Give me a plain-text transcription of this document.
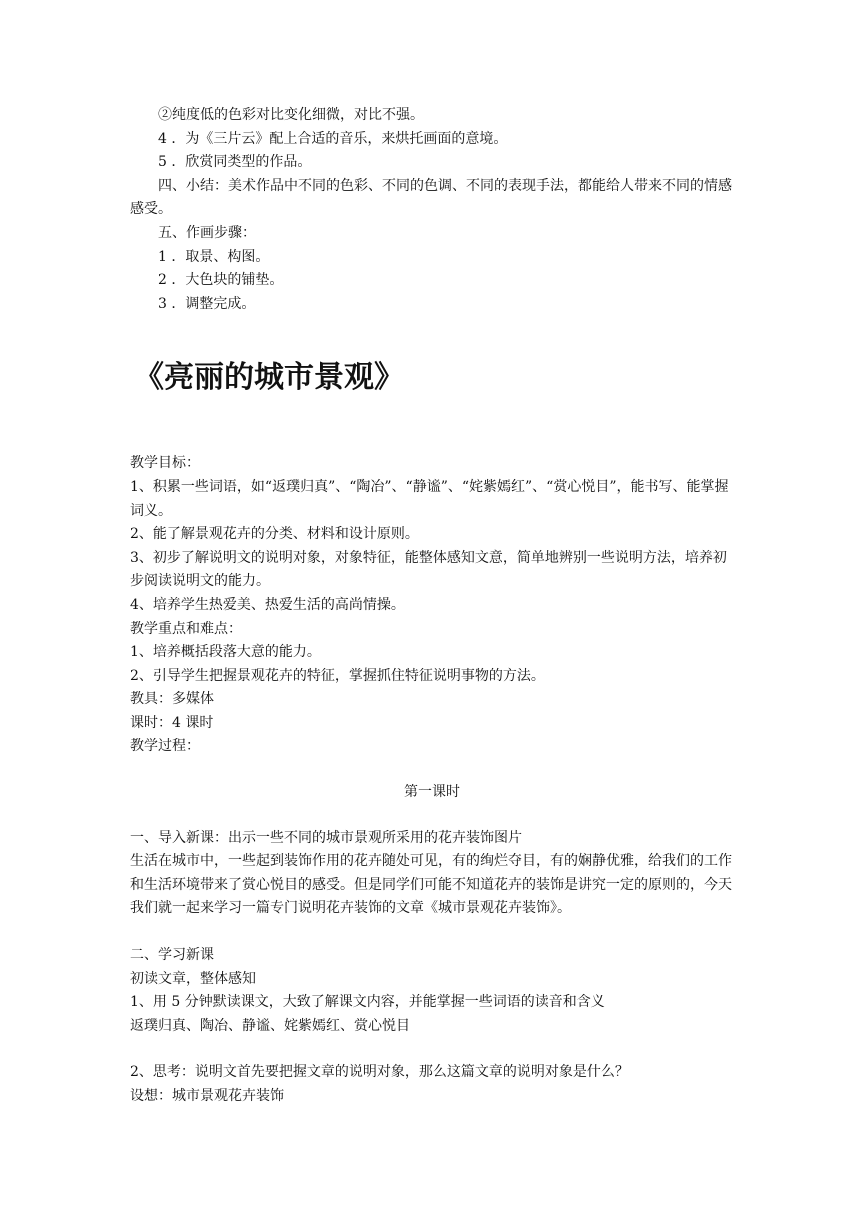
②纯度低的色彩对比变化细微，对比不强。

4 ．为《三片云》配上合适的音乐，来烘托画面的意境。

5 ．欣赏同类型的作品。

四、小结：美术作品中不同的色彩、不同的色调、不同的表现手法，都能给人带来不同的情感感受。

五、作画步骤：

1 ．取景、构图。

2 ．大色块的铺垫。

3 ．调整完成。

《亮丽的城市景观》

教学目标：

1、积累一些词语，如“返璞归真”、“陶冶”、“静谧”、“姹紫嫣红”、“赏心悦目”，能书写、能掌握词义。

2、能了解景观花卉的分类、材料和设计原则。

3、初步了解说明文的说明对象，对象特征，能整体感知文意，简单地辨别一些说明方法，培养初步阅读说明文的能力。

4、培养学生热爱美、热爱生活的高尚情操。

教学重点和难点：

1、培养概括段落大意的能力。

2、引导学生把握景观花卉的特征，掌握抓住特征说明事物的方法。

教具：多媒体

课时：4 课时

教学过程：

第一课时

一、导入新课：出示一些不同的城市景观所采用的花卉装饰图片

生活在城市中，一些起到装饰作用的花卉随处可见，有的绚烂夺目，有的娴静优雅，给我们的工作和生活环境带来了赏心悦目的感受。但是同学们可能不知道花卉的装饰是讲究一定的原则的，今天我们就一起来学习一篇专门说明花卉装饰的文章《城市景观花卉装饰》。

二、学习新课

初读文章，整体感知

1、用 5 分钟默读课文，大致了解课文内容，并能掌握一些词语的读音和含义

返璞归真、陶冶、静谧、姹紫嫣红、赏心悦目

2、思考：说明文首先要把握文章的说明对象，那么这篇文章的说明对象是什么？

设想：城市景观花卉装饰
